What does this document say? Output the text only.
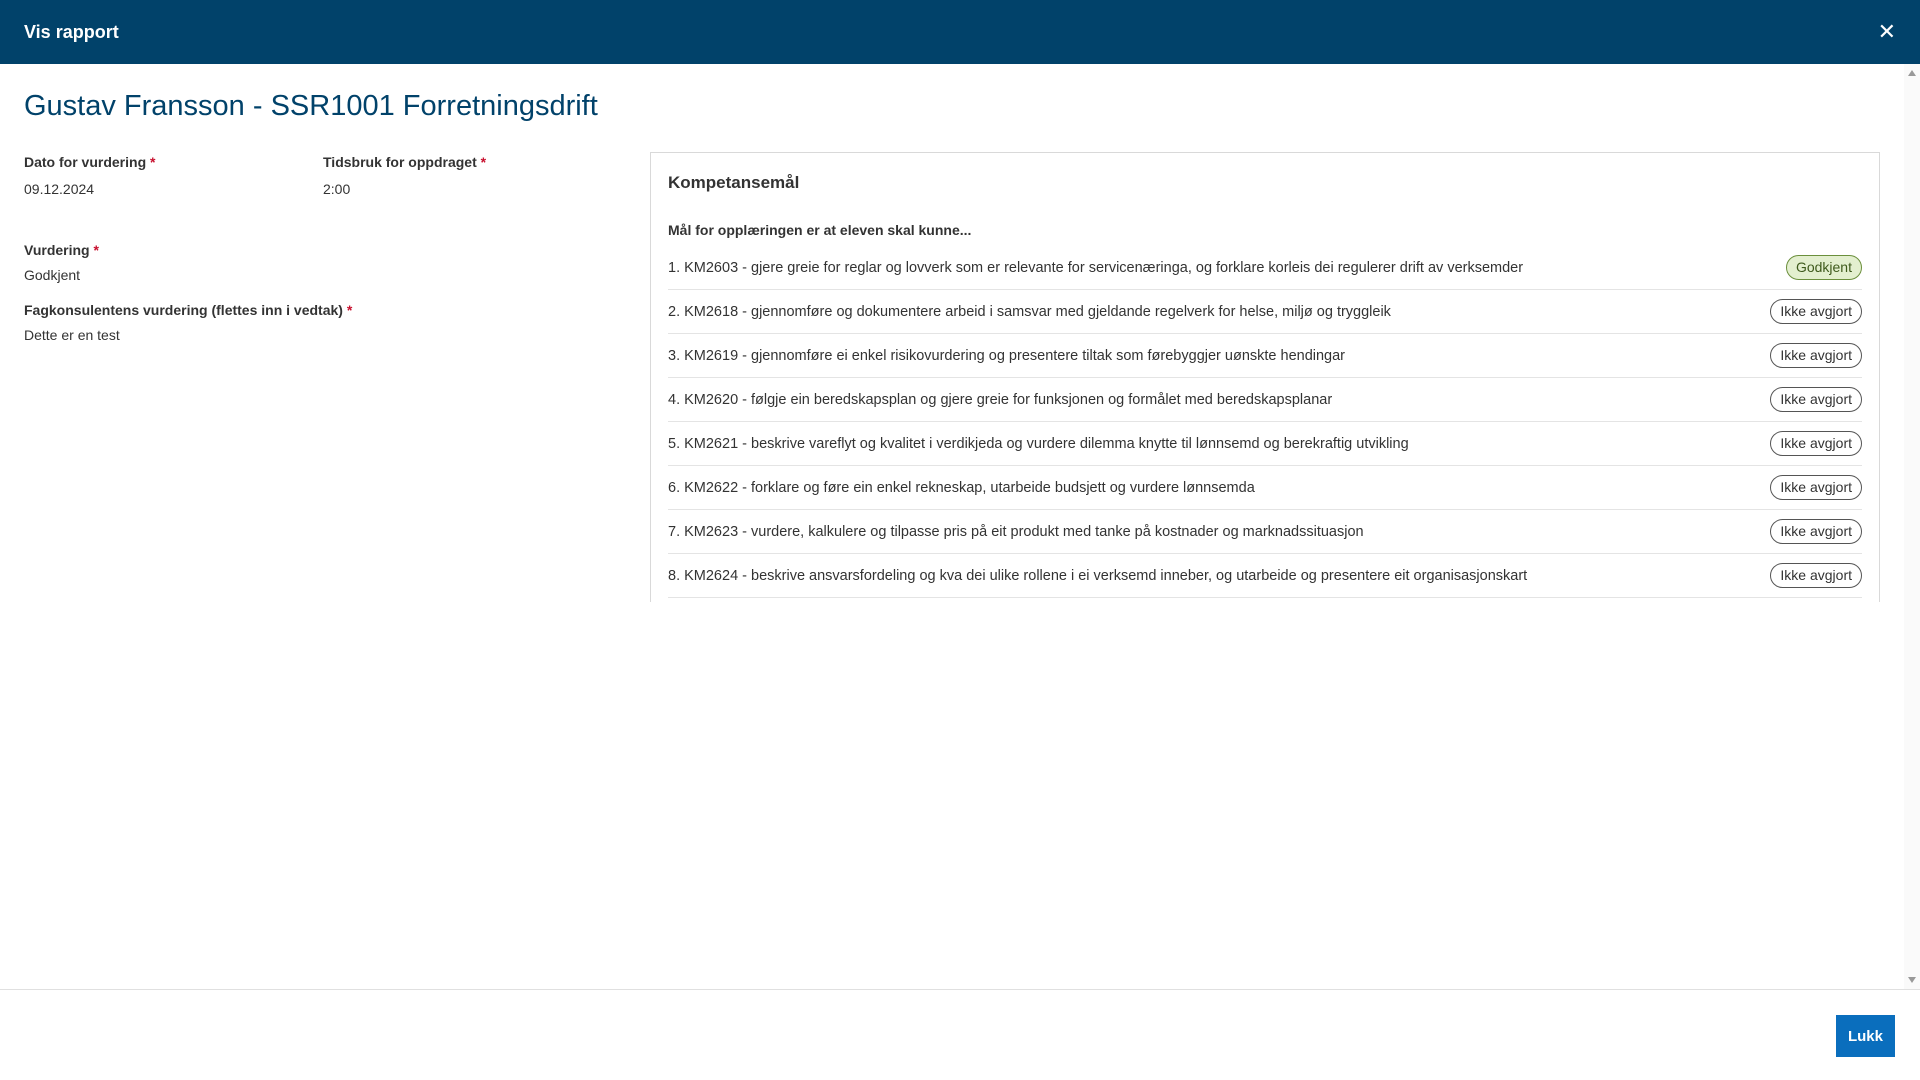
Vis rapport	✕
Gustav Fransson - SSR1001 Forretningsdrift
Dato for vurdering *
09.12.2024
Tidsbruk for oppdraget *
2:00
Vurdering *
Godkjent
Fagkonsulentens vurdering (flettes inn i vedtak) *
Dette er en test
Kompetansemål
Mål for opplæringen er at eleven skal kunne...
1. KM2603 - gjere greie for reglar og lovverk som er relevante for servicenæringa, og forklare korleis dei regulerer drift av verksemder	Godkjent
2. KM2618 - gjennomføre og dokumentere arbeid i samsvar med gjeldande regelverk for helse, miljø og tryggleik	Ikke avgjort
3. KM2619 - gjennomføre ei enkel risikovurdering og presentere tiltak som førebyggjer uønskte hendingar	Ikke avgjort
4. KM2620 - følgje ein beredskapsplan og gjere greie for funksjonen og formålet med beredskapsplanar	Ikke avgjort
5. KM2621 - beskrive vareflyt og kvalitet i verdikjeda og vurdere dilemma knytte til lønnsemd og berekraftig utvikling	Ikke avgjort
6. KM2622 - forklare og føre ein enkel rekneskap, utarbeide budsjett og vurdere lønnsemda	Ikke avgjort
7. KM2623 - vurdere, kalkulere og tilpasse pris på eit produkt med tanke på kostnader og marknadssituasjon	Ikke avgjort
8. KM2624 - beskrive ansvarsfordeling og kva dei ulike rollene i ei verksemd inneber, og utarbeide og presentere eit organisasjonskart	Ikke avgjort
Lukk
